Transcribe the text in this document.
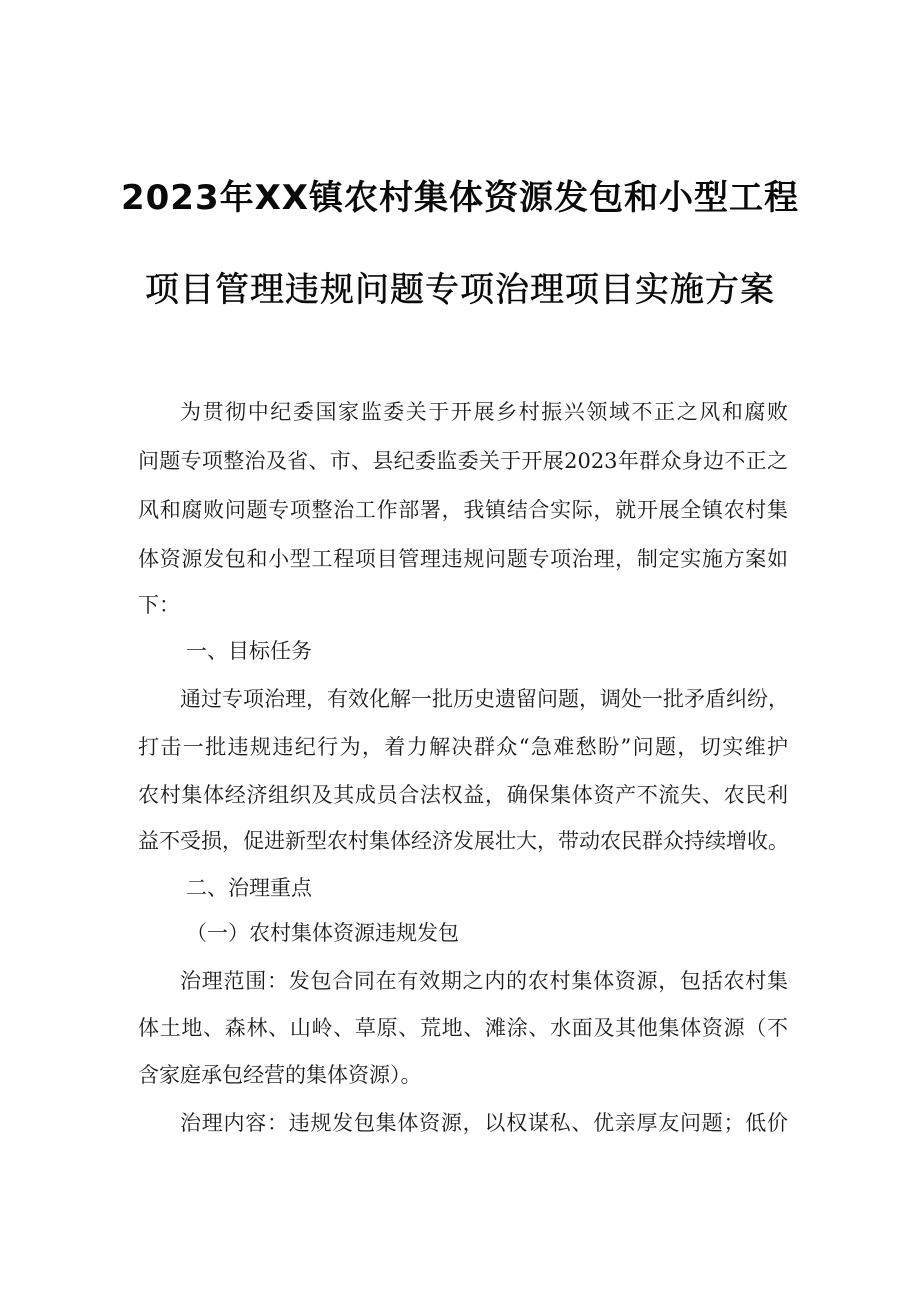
2023年XX镇农村集体资源发包和小型工程
项目管理违规问题专项治理项目实施方案
为贯彻中纪委国家监委关于开展乡村振兴领域不正之风和腐败
问题专项整治及省、市、县纪委监委关于开展2023年群众身边不正之
风和腐败问题专项整治工作部署，我镇结合实际，就开展全镇农村集
体资源发包和小型工程项目管理违规问题专项治理，制定实施方案如
下：
一、目标任务
通过专项治理，有效化解一批历史遗留问题，调处一批矛盾纠纷，
打击一批违规违纪行为，着力解决群众“急难愁盼”问题，切实维护
农村集体经济组织及其成员合法权益，确保集体资产不流失、农民利
益不受损，促进新型农村集体经济发展壮大，带动农民群众持续增收。
二、治理重点
（一）农村集体资源违规发包
治理范围：发包合同在有效期之内的农村集体资源，包括农村集
体土地、森林、山岭、草原、荒地、滩涂、水面及其他集体资源（不
含家庭承包经营的集体资源）。
治理内容：违规发包集体资源，以权谋私、优亲厚友问题；低价
